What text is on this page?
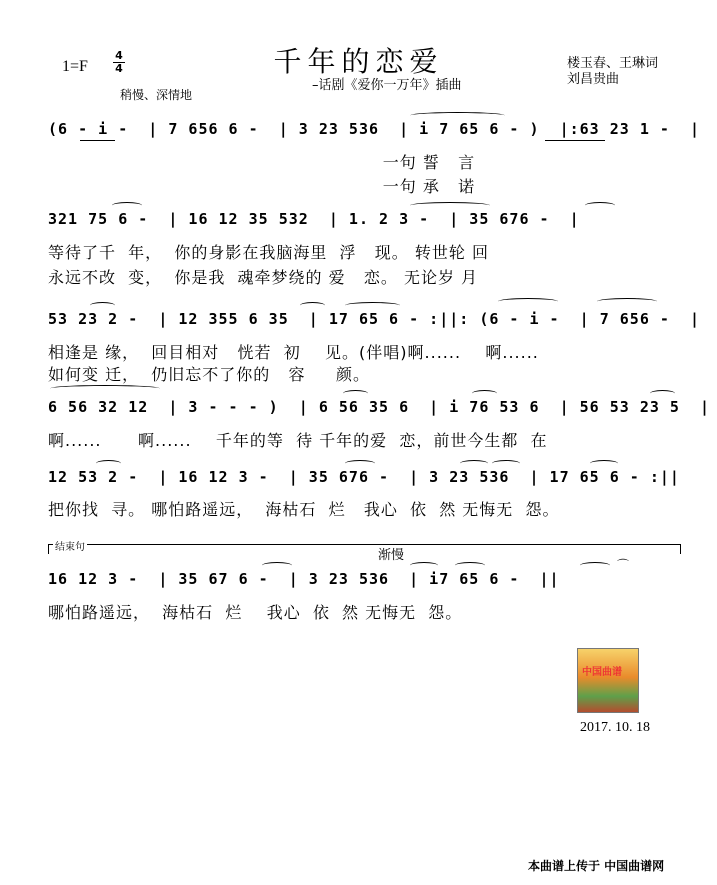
1=F
4
4	千年的恋爱
–话剧《爱你一万年》插曲
楼玉春、王琳词
刘昌贵曲
稍慢、深情地
(6 - i -  | 7 656 6 -  | 3 23 536  | i 7 65 6 - )  |:63 23 1 -  |
一句 誓   言
一句 承   诺
321 75 6 -  | 16 12 35 532  | 1. 2 3 -  | 35 676 -  |
等待了千  年，  你的身影在我脑海里  浮   现。 转世轮 回
永远不改  变，  你是我  魂牵梦绕的 爱   恋。 无论岁 月
53 23 2 -  | 12 355 6 35  | 17 65 6 - :||: (6 - i -  | 7 656 -  |
相逢是 缘，  回目相对   恍若  初    见。(伴唱)啊......    啊......
如何变 迁，  仍旧忘不了你的   容     颜。
6 56 32 12  | 3 - - - )  | 6 56 35 6  | i 76 53 6  | 56 53 23 5  |
啊......      啊......    千年的等  待 千年的爱  恋，前世今生都  在
12 53 2 -  | 16 12 3 -  | 35 676 -  | 3 23 536  | 17 65 6 - :||
把你找  寻。 哪怕路遥远，  海枯石  烂   我心  依  然 无悔无  怨。
结束句
渐慢
16 12 3 -  | 35 67 6 -  | 3 23 536  | i7 65 6 -  ||
哪怕路遥远，  海枯石  烂    我心  依  然 无悔无  怨。
⌒
中国曲谱
2017. 10. 18
本曲谱上传于 中国曲谱网
